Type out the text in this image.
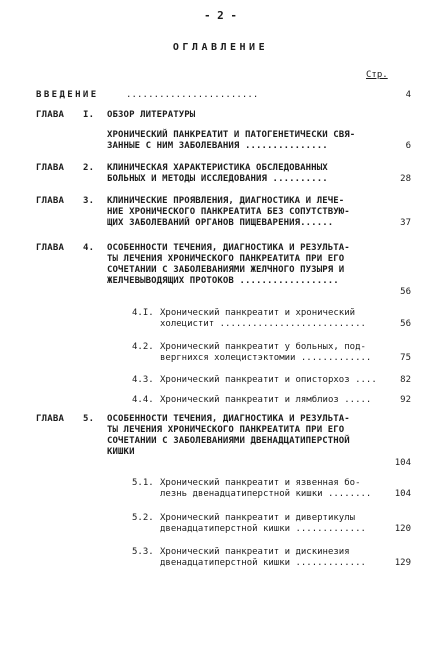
- 2 -
ОГЛАВЛЕНИЕ
Стр.
ВВЕДЕНИЕ	........................	4
ГЛАВА I. ОБЗОР ЛИТЕРАТУРЫ
ХРОНИЧЕСКИЙ ПАНКРЕАТИТ И ПАТОГЕНЕТИЧЕСКИ СВЯ-
ЗАННЫЕ С НИМ ЗАБОЛЕВАНИЯ ...............	6
ГЛАВА 2. КЛИНИЧЕСКАЯ ХАРАКТЕРИСТИКА ОБСЛЕДОВАННЫХ
БОЛЬНЫХ И МЕТОДЫ ИССЛЕДОВАНИЯ ..........	28
ГЛАВА 3. КЛИНИЧЕСКИЕ ПРОЯВЛЕНИЯ, ДИАГНОСТИКА И ЛЕЧЕ-
НИЕ ХРОНИЧЕСКОГО ПАНКРЕАТИТА БЕЗ СОПУТСТВУЮ-
ЩИХ ЗАБОЛЕВАНИЙ ОРГАНОВ ПИЩЕВАРЕНИЯ......	37
ГЛАВА 4. ОСОБЕННОСТИ ТЕЧЕНИЯ, ДИАГНОСТИКА И РЕЗУЛЬТА-
ТЫ ЛЕЧЕНИЯ ХРОНИЧЕСКОГО ПАНКРЕАТИТА ПРИ ЕГО
СОЧЕТАНИИ С ЗАБОЛЕВАНИЯМИ ЖЕЛЧНОГО ПУЗЫРЯ И
ЖЕЛЧЕВЫВОДЯЩИХ ПРОТОКОВ ..................
56
4.I. Хронический панкреатит и хронический
холецистит ...........................	56
4.2. Хронический панкреатит у больных, под-
вергнихся холецистэктомии .............	75
4.3. Хронический панкреатит и описторхоз ....	82
4.4. Хронический панкреатит и лямблиоз .....	92
ГЛАВА 5. ОСОБЕННОСТИ ТЕЧЕНИЯ, ДИАГНОСТИКА И РЕЗУЛЬТА-
ТЫ ЛЕЧЕНИЯ ХРОНИЧЕСКОГО ПАНКРЕАТИТА ПРИ ЕГО
СОЧЕТАНИИ С ЗАБОЛЕВАНИЯМИ ДВЕНАДЦАТИПЕРСТНОЙ
КИШКИ
104
5.1. Хронический панкреатит и язвенная бо-
лезнь двенадцатиперстной кишки ........	104
5.2. Хронический панкреатит и дивертикулы
двенадцатиперстной кишки .............	120
5.3. Хронический панкреатит и дискинезия
двенадцатиперстной кишки .............	129
